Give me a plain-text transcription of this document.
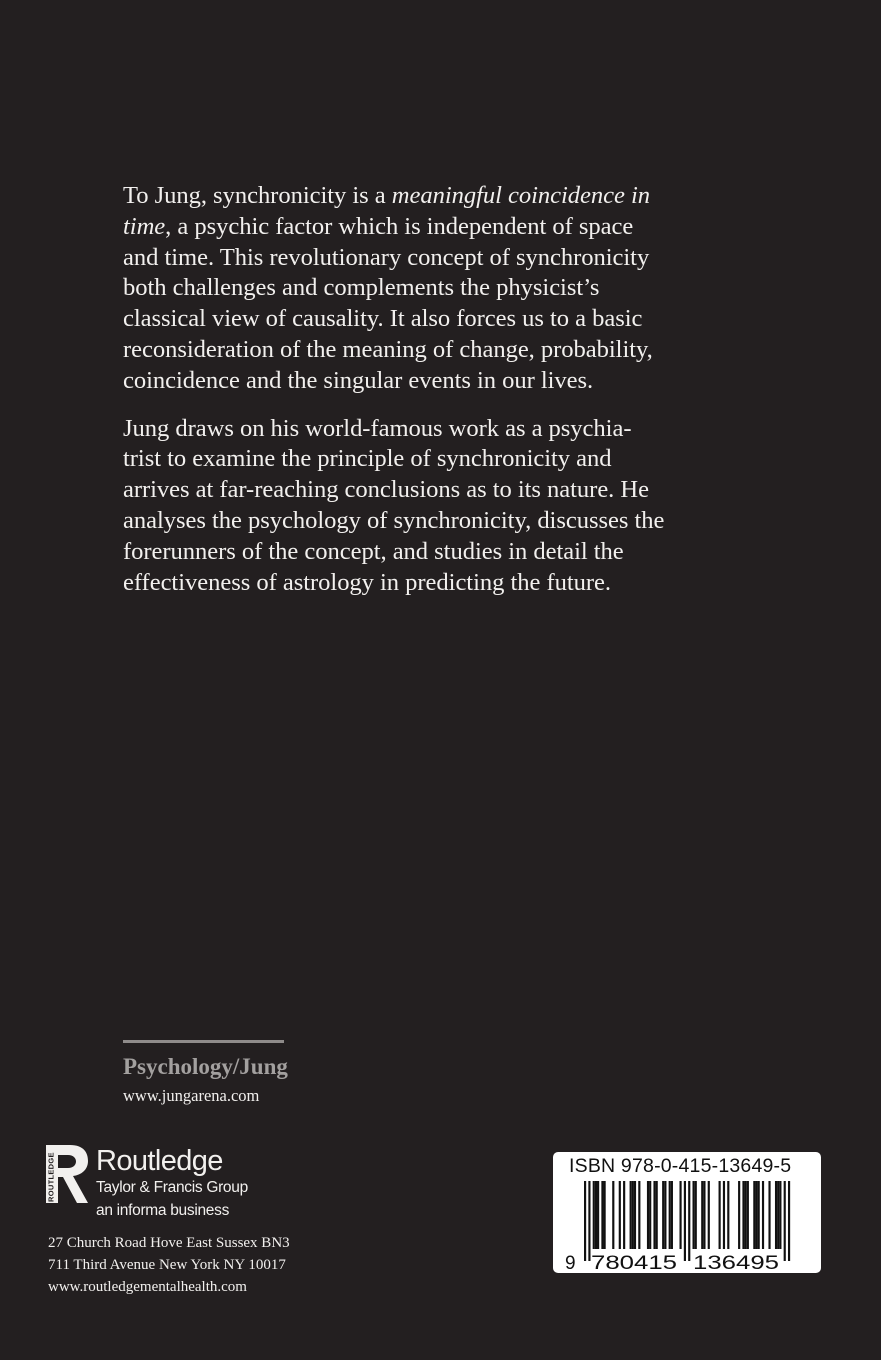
To Jung, synchronicity is a meaningful coincidence in time, a psychic factor which is independent of space and time. This revolutionary concept of synchronicity both challenges and complements the physicist’s classical view of causality. It also forces us to a basic reconsideration of the meaning of change, probability, coincidence and the singular events in our lives.

Jung draws on his world-famous work as a psychia-trist to examine the principle of synchronicity and arrives at far-reaching conclusions as to its nature. He analyses the psychology of synchronicity, discusses the forerunners of the concept, and studies in detail the effectiveness of astrology in predicting the future.

Psychology/Jung
www.jungarena.com
ROUTLEDGE Routledge
Taylor & Francis Group
an informa business
27 Church Road Hove East Sussex BN3
711 Third Avenue New York NY 10017
www.routledgementalhealth.com
ISBN 978-0-415-13649-5
9 780415 136495
